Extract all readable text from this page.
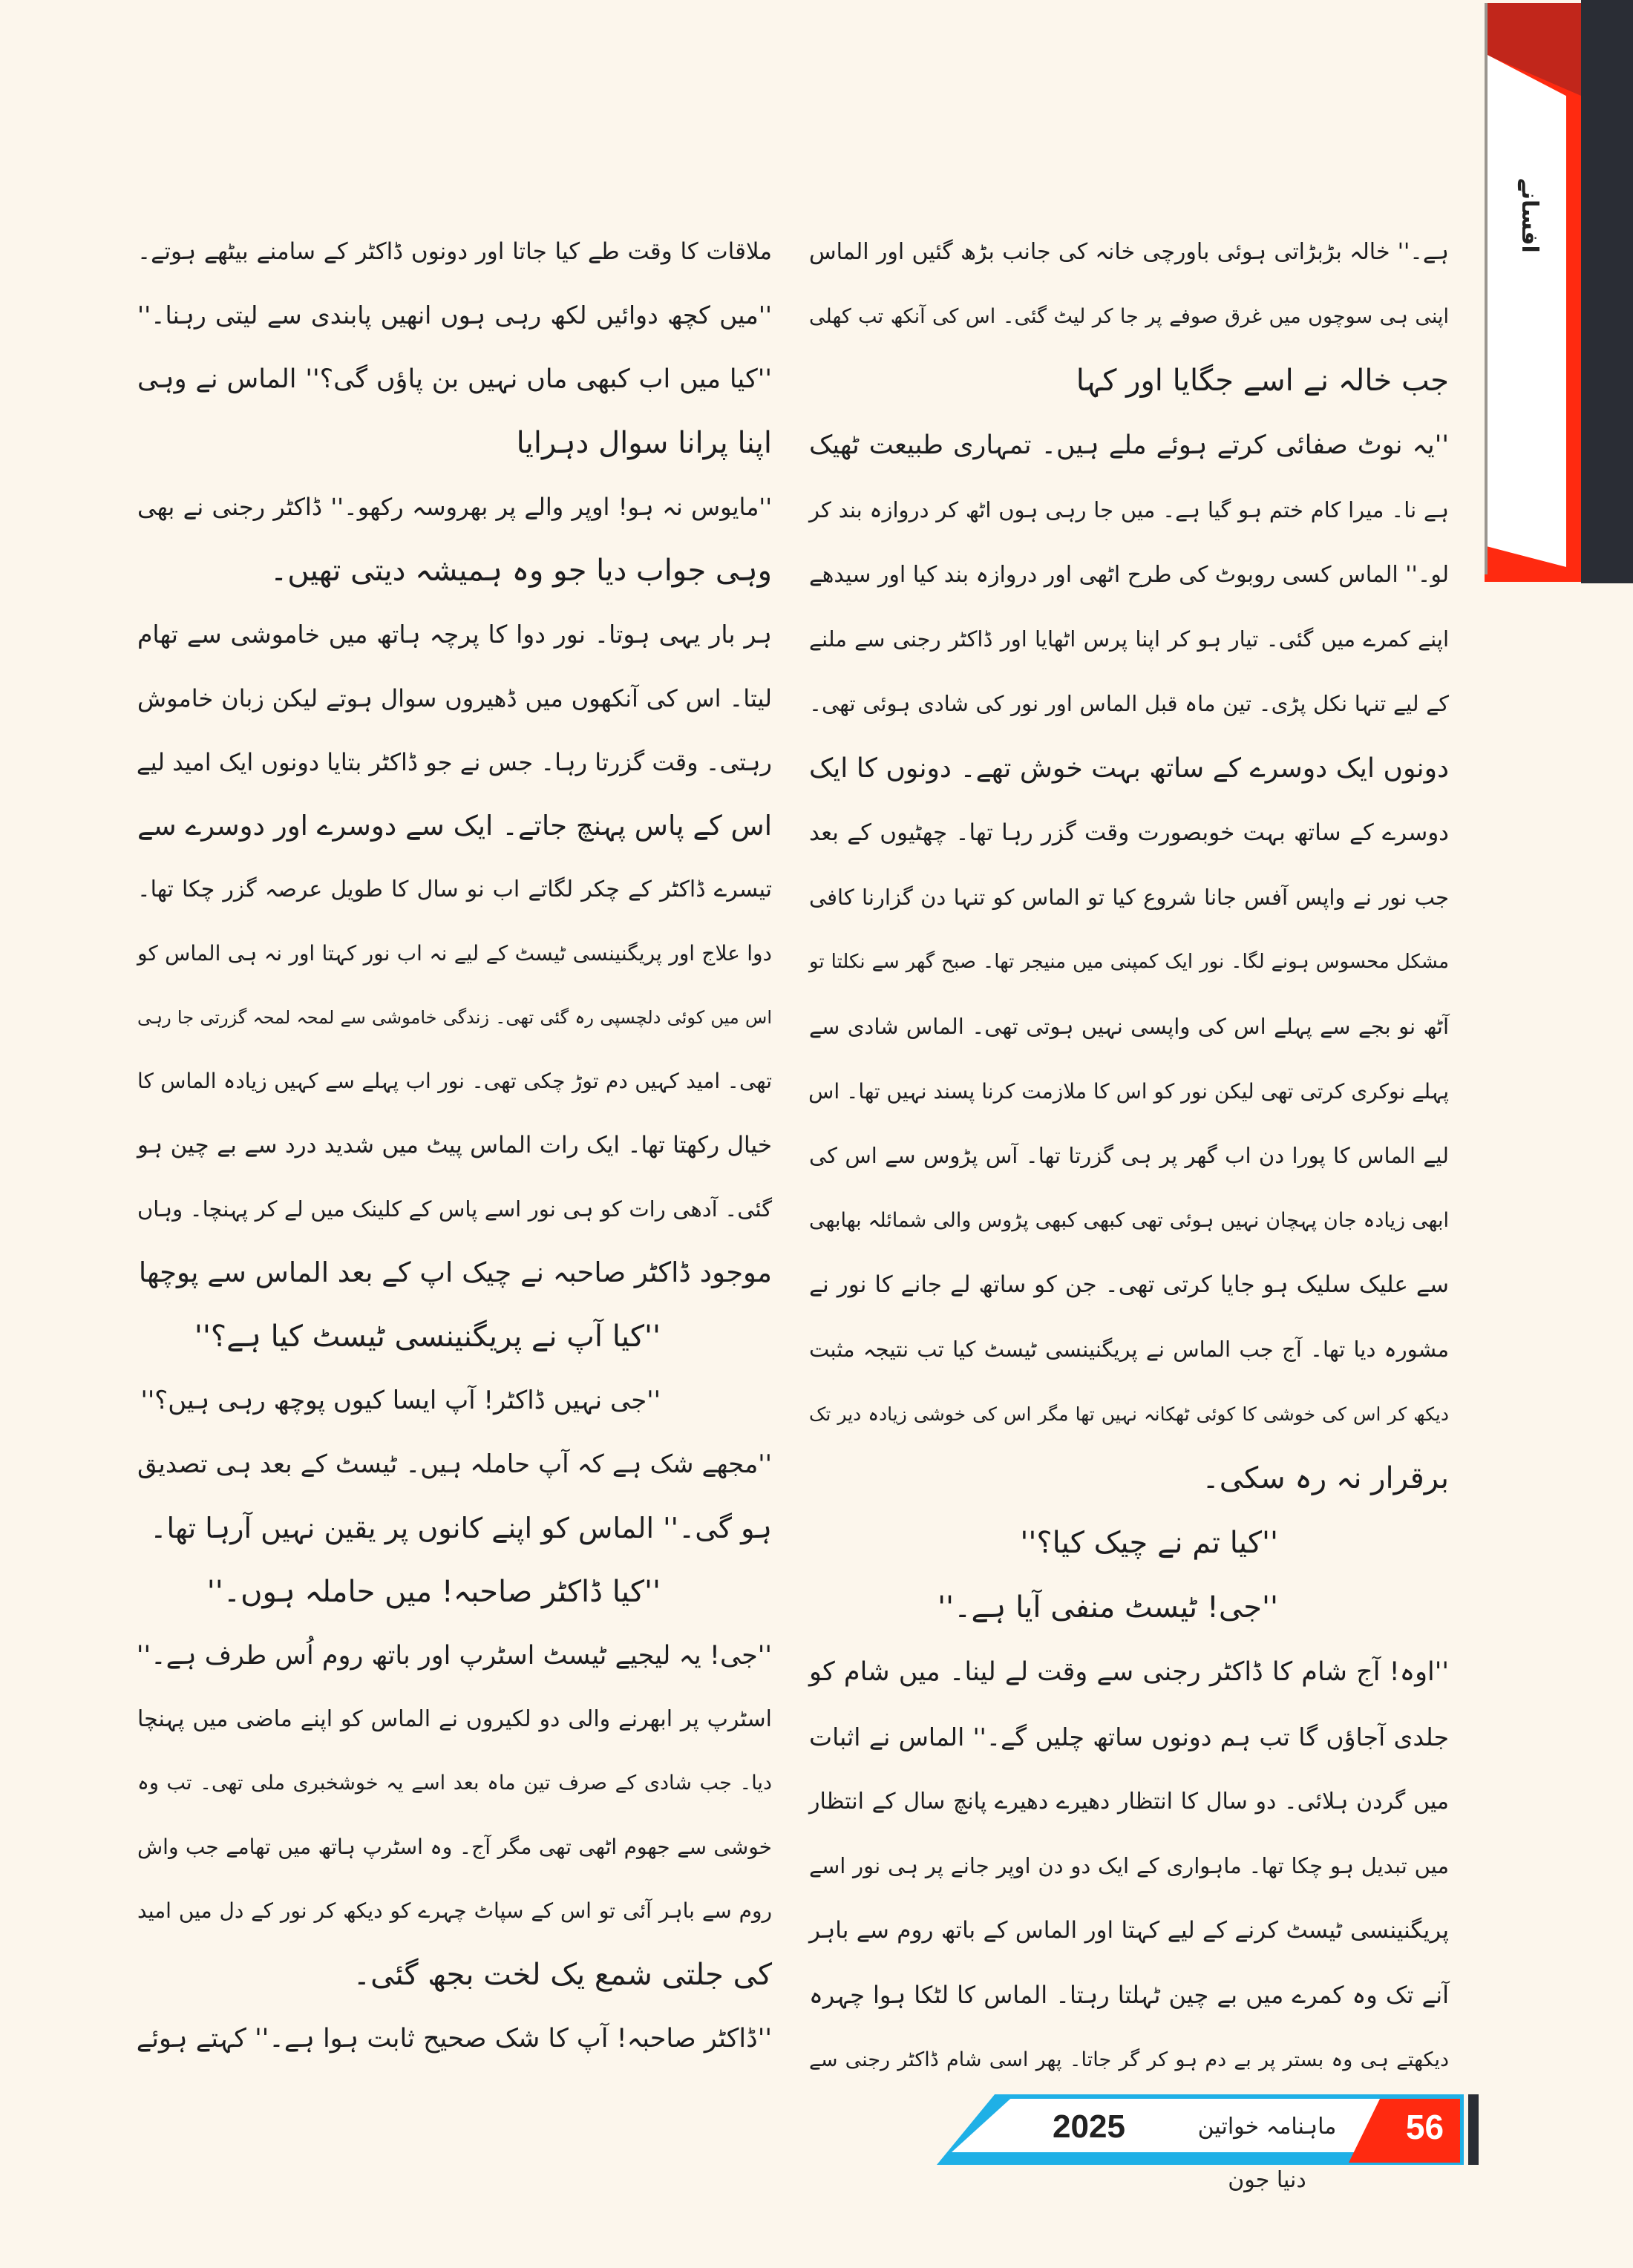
افسانے
ہے۔'' خالہ بڑبڑاتی ہوئی باورچی خانہ کی جانب بڑھ گئیں اور الماس
اپنی ہی سوچوں میں غرق صوفے پر جا کر لیٹ گئی۔ اس کی آنکھ تب کھلی
جب خالہ نے اسے جگایا اور کہا
''یہ نوٹ صفائی کرتے ہوئے ملے ہیں۔ تمہاری طبیعت ٹھیک
ہے نا۔ میرا کام ختم ہو گیا ہے۔ میں جا رہی ہوں اٹھ کر دروازہ بند کر
لو۔'' الماس کسی روبوٹ کی طرح اٹھی اور دروازہ بند کیا اور سیدھے
اپنے کمرے میں گئی۔ تیار ہو کر اپنا پرس اٹھایا اور ڈاکٹر رجنی سے ملنے
کے لیے تنہا نکل پڑی۔ تین ماہ قبل الماس اور نور کی شادی ہوئی تھی۔
دونوں ایک دوسرے کے ساتھ بہت خوش تھے۔ دونوں کا ایک
دوسرے کے ساتھ بہت خوبصورت وقت گزر رہا تھا۔ چھٹیوں کے بعد
جب نور نے واپس آفس جانا شروع کیا تو الماس کو تنہا دن گزارنا کافی
مشکل محسوس ہونے لگا۔ نور ایک کمپنی میں منیجر تھا۔ صبح گھر سے نکلتا تو
آٹھ نو بجے سے پہلے اس کی واپسی نہیں ہوتی تھی۔ الماس شادی سے
پہلے نوکری کرتی تھی لیکن نور کو اس کا ملازمت کرنا پسند نہیں تھا۔ اس
لیے الماس کا پورا دن اب گھر پر ہی گزرتا تھا۔ آس پڑوس سے اس کی
ابھی زیادہ جان پہچان نہیں ہوئی تھی کبھی کبھی پڑوس والی شمائلہ بھابھی
سے علیک سلیک ہو جایا کرتی تھی۔ جن کو ساتھ لے جانے کا نور نے
مشورہ دیا تھا۔ آج جب الماس نے پریگنینسی ٹیسٹ کیا تب نتیجہ مثبت
دیکھ کر اس کی خوشی کا کوئی ٹھکانہ نہیں تھا مگر اس کی خوشی زیادہ دیر تک
برقرار نہ رہ سکی۔
''کیا تم نے چیک کیا؟''
''جی! ٹیسٹ منفی آیا ہے۔''
''اوہ! آج شام کا ڈاکٹر رجنی سے وقت لے لینا۔ میں شام کو
جلدی آجاؤں گا تب ہم دونوں ساتھ چلیں گے۔'' الماس نے اثبات
میں گردن ہلائی۔ دو سال کا انتظار دھیرے دھیرے پانچ سال کے انتظار
میں تبدیل ہو چکا تھا۔ ماہواری کے ایک دو دن اوپر جانے پر ہی نور اسے
پریگنینسی ٹیسٹ کرنے کے لیے کہتا اور الماس کے باتھ روم سے باہر
آنے تک وہ کمرے میں بے چین ٹہلتا رہتا۔ الماس کا لٹکا ہوا چہرہ
دیکھتے ہی وہ بستر پر بے دم ہو کر گر جاتا۔ پھر اسی شام ڈاکٹر رجنی سے
ملاقات کا وقت طے کیا جاتا اور دونوں ڈاکٹر کے سامنے بیٹھے ہوتے۔
''میں کچھ دوائیں لکھ رہی ہوں انھیں پابندی سے لیتی رہنا۔''
''کیا میں اب کبھی ماں نہیں بن پاؤں گی؟'' الماس نے وہی
اپنا پرانا سوال دہرایا
''مایوس نہ ہو! اوپر والے پر بھروسہ رکھو۔'' ڈاکٹر رجنی نے بھی
وہی جواب دیا جو وہ ہمیشہ دیتی تھیں۔
ہر بار یہی ہوتا۔ نور دوا کا پرچہ ہاتھ میں خاموشی سے تھام
لیتا۔ اس کی آنکھوں میں ڈھیروں سوال ہوتے لیکن زبان خاموش
رہتی۔ وقت گزرتا رہا۔ جس نے جو ڈاکٹر بتایا دونوں ایک امید لیے
اس کے پاس پہنچ جاتے۔ ایک سے دوسرے اور دوسرے سے
تیسرے ڈاکٹر کے چکر لگاتے اب نو سال کا طویل عرصہ گزر چکا تھا۔
دوا علاج اور پریگنینسی ٹیسٹ کے لیے نہ اب نور کہتا اور نہ ہی الماس کو
اس میں کوئی دلچسپی رہ گئی تھی۔ زندگی خاموشی سے لمحہ لمحہ گزرتی جا رہی
تھی۔ امید کہیں دم توڑ چکی تھی۔ نور اب پہلے سے کہیں زیادہ الماس کا
خیال رکھتا تھا۔ ایک رات الماس پیٹ میں شدید درد سے بے چین ہو
گئی۔ آدھی رات کو ہی نور اسے پاس کے کلینک میں لے کر پہنچا۔ وہاں
موجود ڈاکٹر صاحبہ نے چیک اپ کے بعد الماس سے پوچھا
''کیا آپ نے پریگنینسی ٹیسٹ کیا ہے؟''
''جی نہیں ڈاکٹر! آپ ایسا کیوں پوچھ رہی ہیں؟''
''مجھے شک ہے کہ آپ حاملہ ہیں۔ ٹیسٹ کے بعد ہی تصدیق
ہو گی۔'' الماس کو اپنے کانوں پر یقین نہیں آرہا تھا۔
''کیا ڈاکٹر صاحبہ! میں حاملہ ہوں۔''
''جی! یہ لیجیے ٹیسٹ اسٹرپ اور باتھ روم اُس طرف ہے۔''
اسٹرپ پر ابھرنے والی دو لکیروں نے الماس کو اپنے ماضی میں پہنچا
دیا۔ جب شادی کے صرف تین ماہ بعد اسے یہ خوشخبری ملی تھی۔ تب وہ
خوشی سے جھوم اٹھی تھی مگر آج۔ وہ اسٹرپ ہاتھ میں تھامے جب واش
روم سے باہر آئی تو اس کے سپاٹ چہرے کو دیکھ کر نور کے دل میں امید
کی جلتی شمع یک لخت بجھ گئی۔
''ڈاکٹر صاحبہ! آپ کا شک صحیح ثابت ہوا ہے۔'' کہتے ہوئے
56
ماہنامہ خواتین دنیا جون
2025
